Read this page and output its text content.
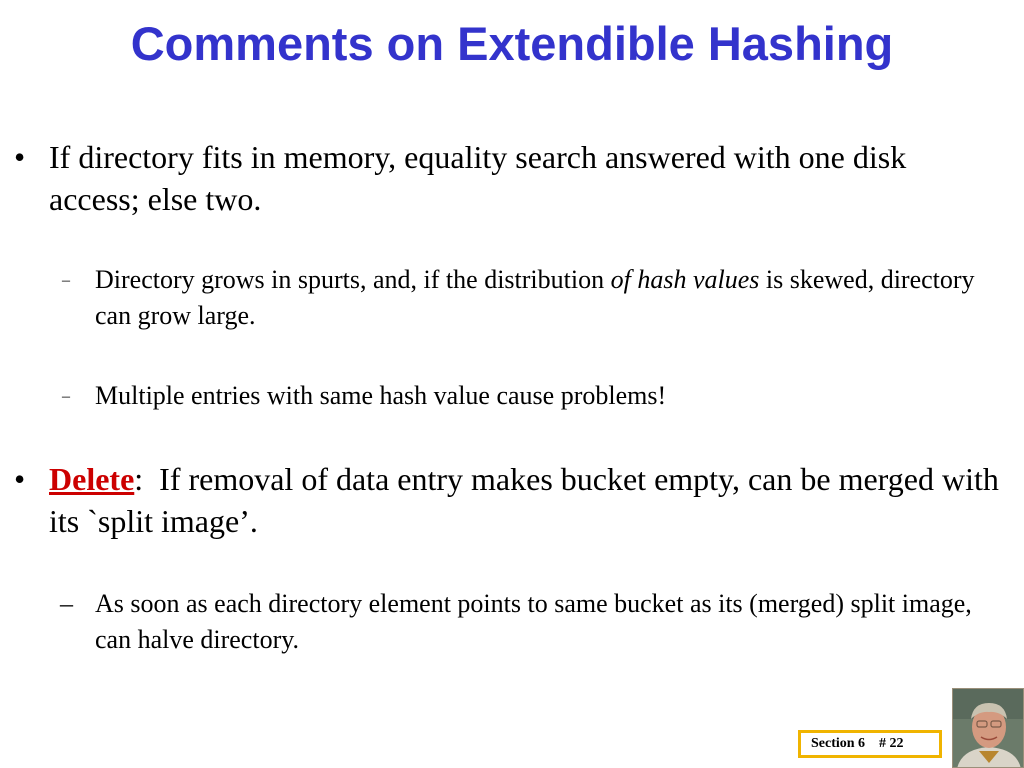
Comments on Extendible Hashing
• If directory fits in memory, equality search answered with one disk access; else two.

– Directory grows in spurts, and, if the distribution of hash values is skewed, directory can grow large.

– Multiple entries with same hash value cause problems!

• Delete:  If removal of data entry makes bucket empty, can be merged with its `split image’.

– As soon as each directory element points to same bucket as its (merged) split image, can halve directory.

Section 6    # 22
